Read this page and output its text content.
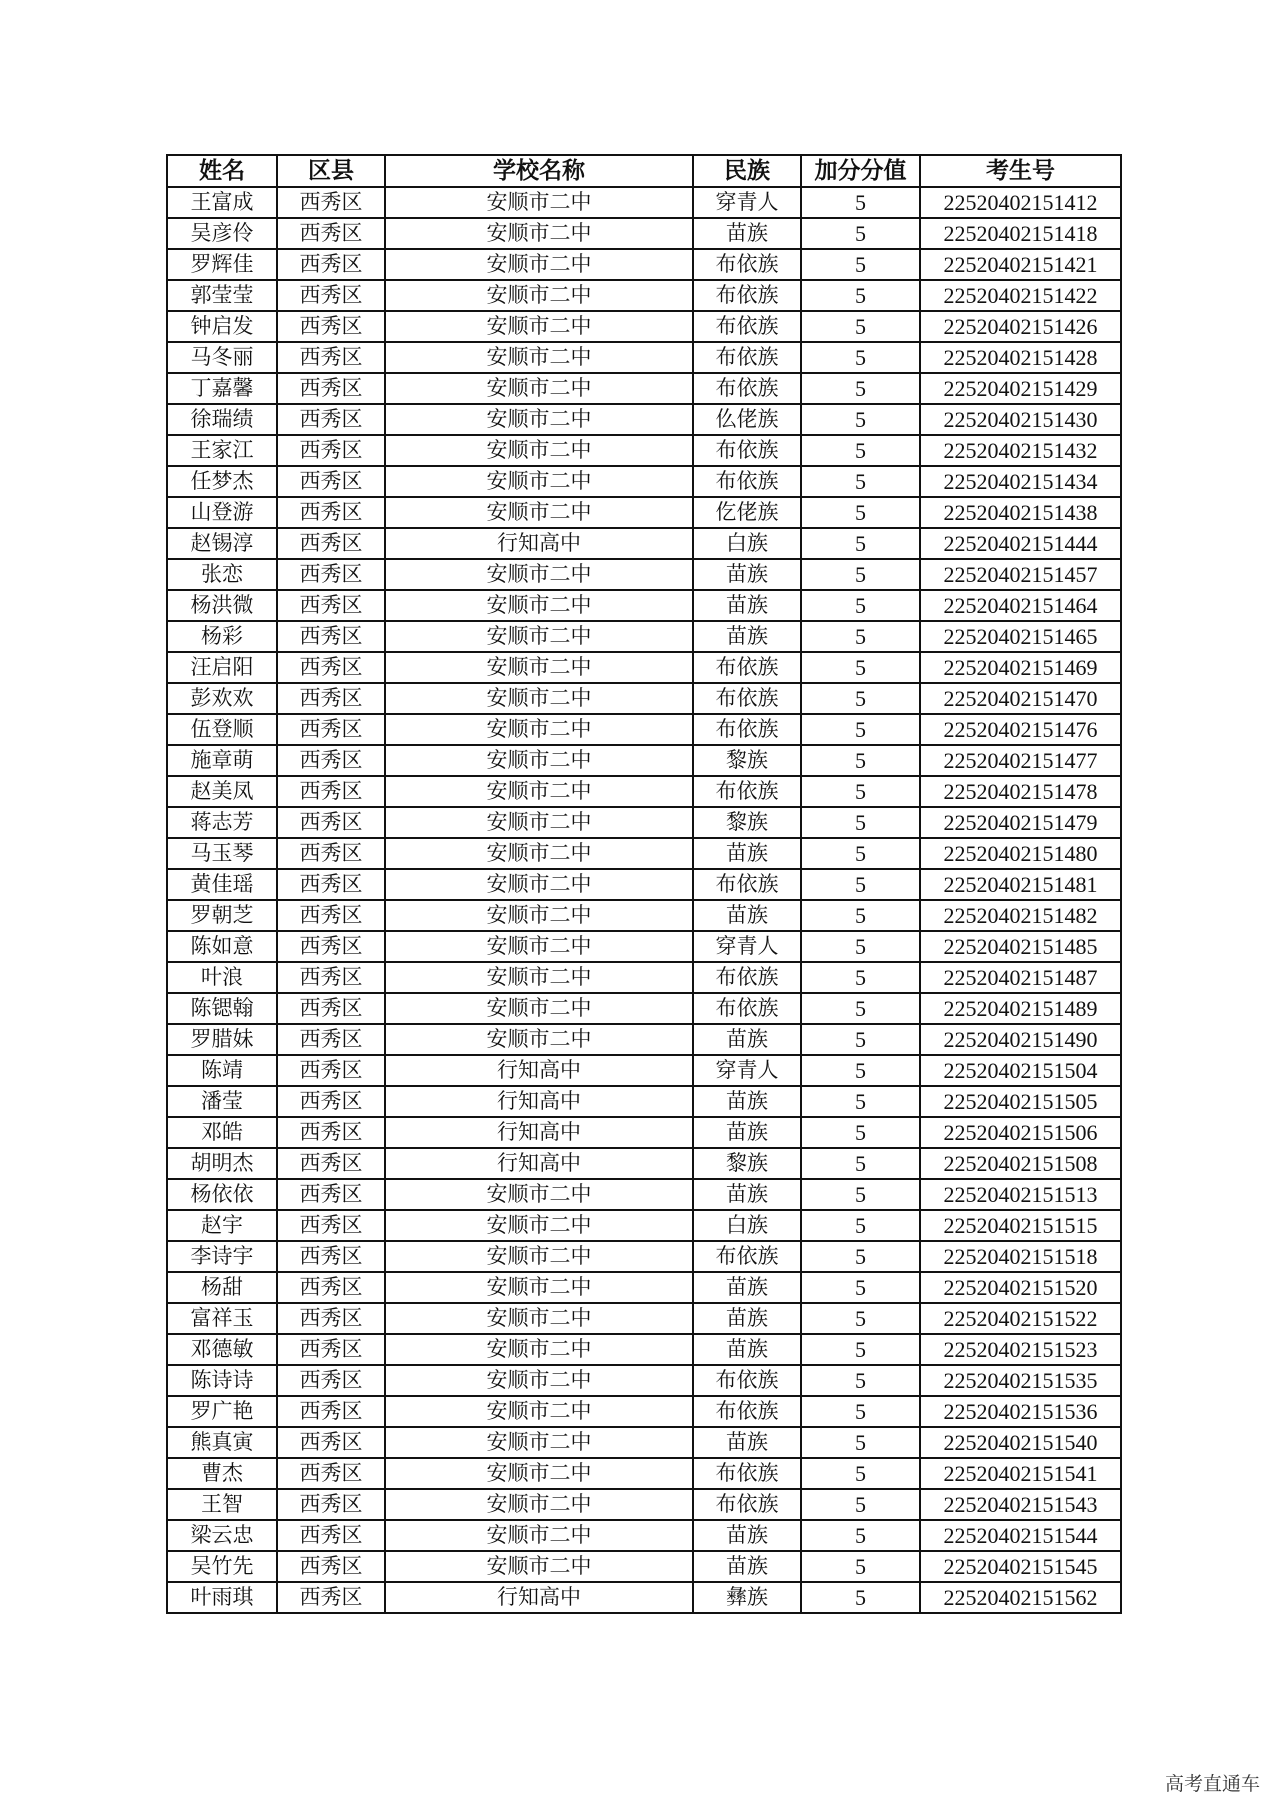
姓名	区县	学校名称	民族	加分分值	考生号
王富成	西秀区	安顺市二中	穿青人	5	22520402151412
吴彦伶	西秀区	安顺市二中	苗族	5	22520402151418
罗辉佳	西秀区	安顺市二中	布依族	5	22520402151421
郭莹莹	西秀区	安顺市二中	布依族	5	22520402151422
钟启发	西秀区	安顺市二中	布依族	5	22520402151426
马冬丽	西秀区	安顺市二中	布依族	5	22520402151428
丁嘉馨	西秀区	安顺市二中	布依族	5	22520402151429
徐瑞绩	西秀区	安顺市二中	仫佬族	5	22520402151430
王家江	西秀区	安顺市二中	布依族	5	22520402151432
任梦杰	西秀区	安顺市二中	布依族	5	22520402151434
山登游	西秀区	安顺市二中	仡佬族	5	22520402151438
赵锡淳	西秀区	行知高中	白族	5	22520402151444
张恋	西秀区	安顺市二中	苗族	5	22520402151457
杨洪微	西秀区	安顺市二中	苗族	5	22520402151464
杨彩	西秀区	安顺市二中	苗族	5	22520402151465
汪启阳	西秀区	安顺市二中	布依族	5	22520402151469
彭欢欢	西秀区	安顺市二中	布依族	5	22520402151470
伍登顺	西秀区	安顺市二中	布依族	5	22520402151476
施章萌	西秀区	安顺市二中	黎族	5	22520402151477
赵美凤	西秀区	安顺市二中	布依族	5	22520402151478
蒋志芳	西秀区	安顺市二中	黎族	5	22520402151479
马玉琴	西秀区	安顺市二中	苗族	5	22520402151480
黄佳瑶	西秀区	安顺市二中	布依族	5	22520402151481
罗朝芝	西秀区	安顺市二中	苗族	5	22520402151482
陈如意	西秀区	安顺市二中	穿青人	5	22520402151485
叶浪	西秀区	安顺市二中	布依族	5	22520402151487
陈锶翰	西秀区	安顺市二中	布依族	5	22520402151489
罗腊妹	西秀区	安顺市二中	苗族	5	22520402151490
陈靖	西秀区	行知高中	穿青人	5	22520402151504
潘莹	西秀区	行知高中	苗族	5	22520402151505
邓皓	西秀区	行知高中	苗族	5	22520402151506
胡明杰	西秀区	行知高中	黎族	5	22520402151508
杨依依	西秀区	安顺市二中	苗族	5	22520402151513
赵宇	西秀区	安顺市二中	白族	5	22520402151515
李诗宇	西秀区	安顺市二中	布依族	5	22520402151518
杨甜	西秀区	安顺市二中	苗族	5	22520402151520
富祥玉	西秀区	安顺市二中	苗族	5	22520402151522
邓德敏	西秀区	安顺市二中	苗族	5	22520402151523
陈诗诗	西秀区	安顺市二中	布依族	5	22520402151535
罗广艳	西秀区	安顺市二中	布依族	5	22520402151536
熊真寅	西秀区	安顺市二中	苗族	5	22520402151540
曹杰	西秀区	安顺市二中	布依族	5	22520402151541
王智	西秀区	安顺市二中	布依族	5	22520402151543
梁云忠	西秀区	安顺市二中	苗族	5	22520402151544
吴竹先	西秀区	安顺市二中	苗族	5	22520402151545
叶雨琪	西秀区	行知高中	彝族	5	22520402151562
高考直通车
